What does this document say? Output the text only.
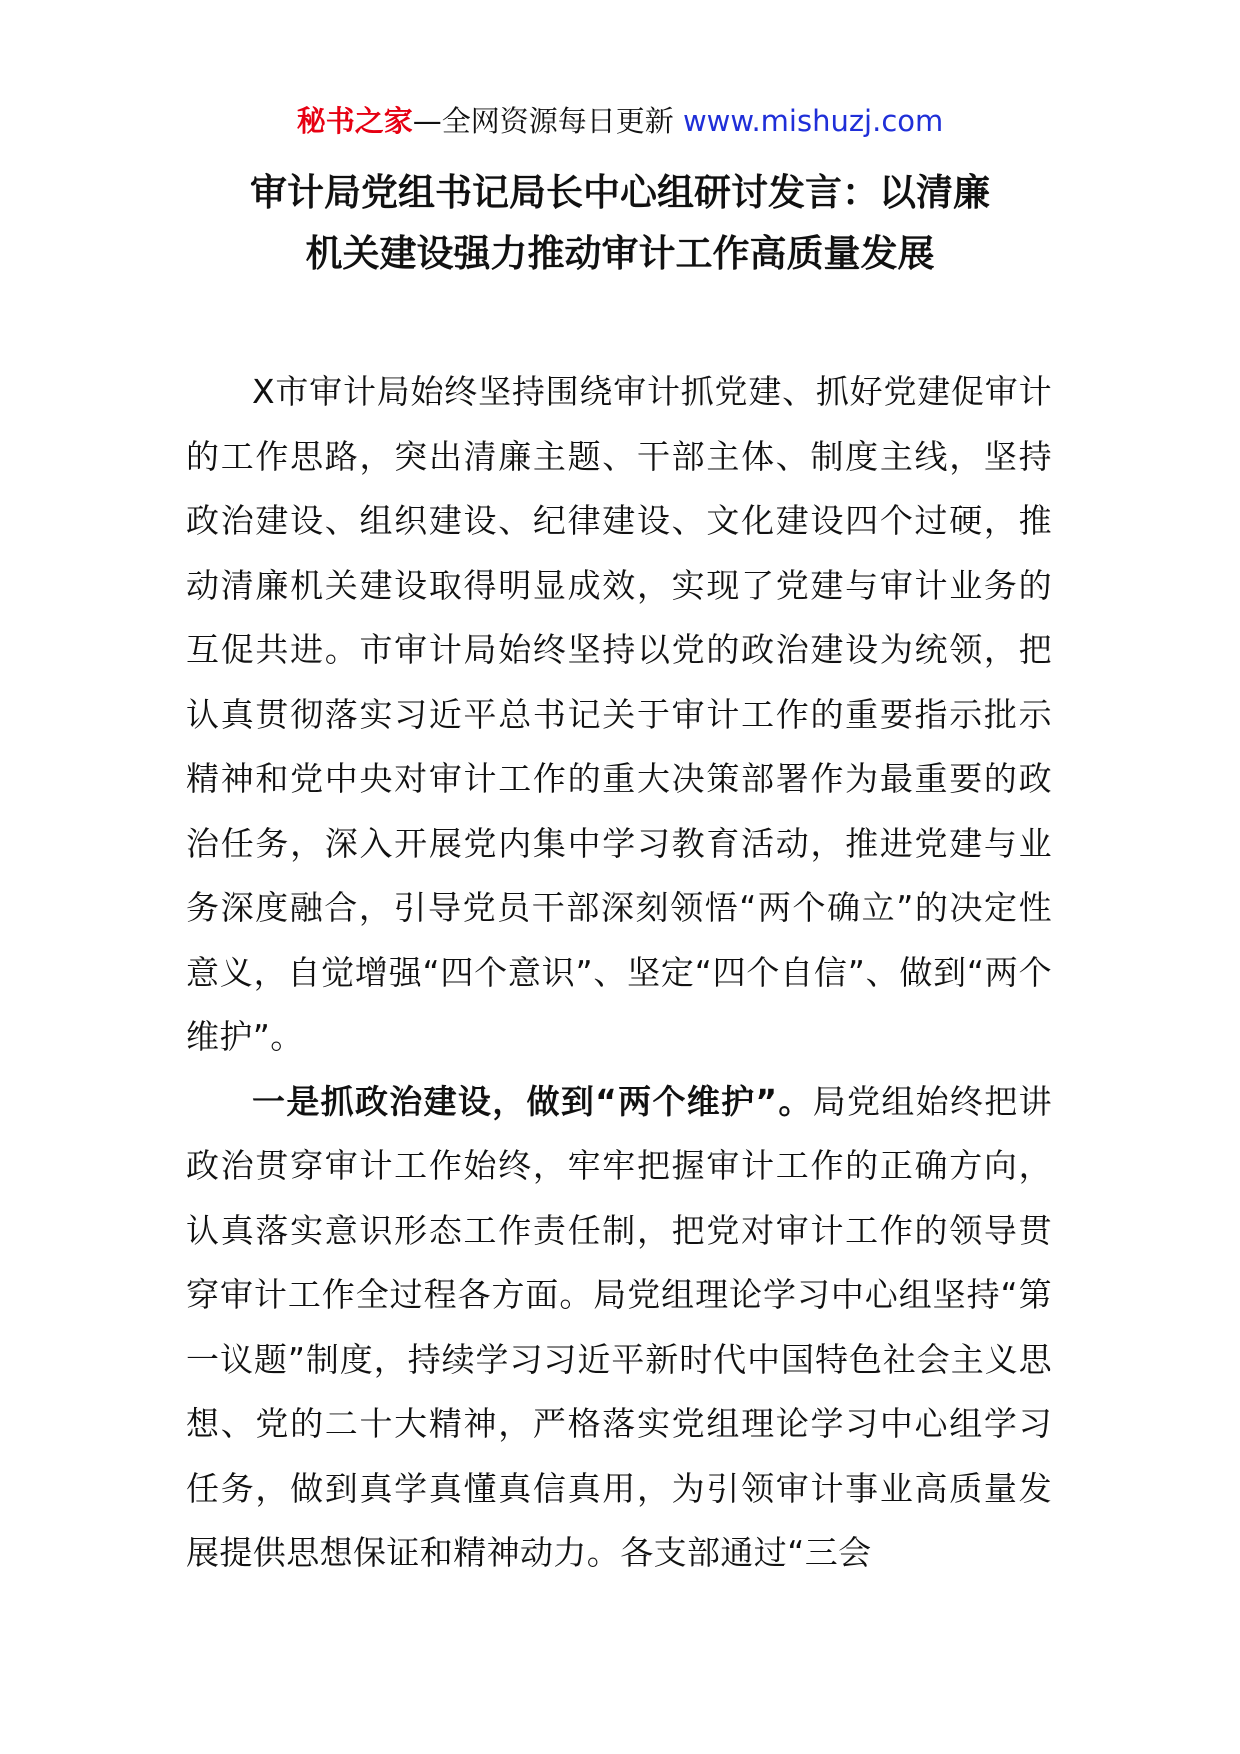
秘书之家—全网资源每日更新 www.mishuzj.com
审计局党组书记局长中心组研讨发言：以清廉
机关建设强力推动审计工作高质量发展

X市审计局始终坚持围绕审计抓党建、抓好党建促审计的工作思路，突出清廉主题、干部主体、制度主线，坚持政治建设、组织建设、纪律建设、文化建设四个过硬，推动清廉机关建设取得明显成效，实现了党建与审计业务的互促共进。市审计局始终坚持以党的政治建设为统领，把认真贯彻落实习近平总书记关于审计工作的重要指示批示精神和党中央对审计工作的重大决策部署作为最重要的政治任务，深入开展党内集中学习教育活动，推进党建与业务深度融合，引导党员干部深刻领悟“两个确立”的决定性意义，自觉增强“四个意识”、坚定“四个自信”、做到“两个维护”。

一是抓政治建设，做到“两个维护”。局党组始终把讲政治贯穿审计工作始终，牢牢把握审计工作的正确方向，认真落实意识形态工作责任制，把党对审计工作的领导贯穿审计工作全过程各方面。局党组理论学习中心组坚持“第一议题”制度，持续学习习近平新时代中国特色社会主义思想、党的二十大精神，严格落实党组理论学习中心组学习任务，做到真学真懂真信真用，为引领审计事业高质量发展提供思想保证和精神动力。各支部通过“三会
